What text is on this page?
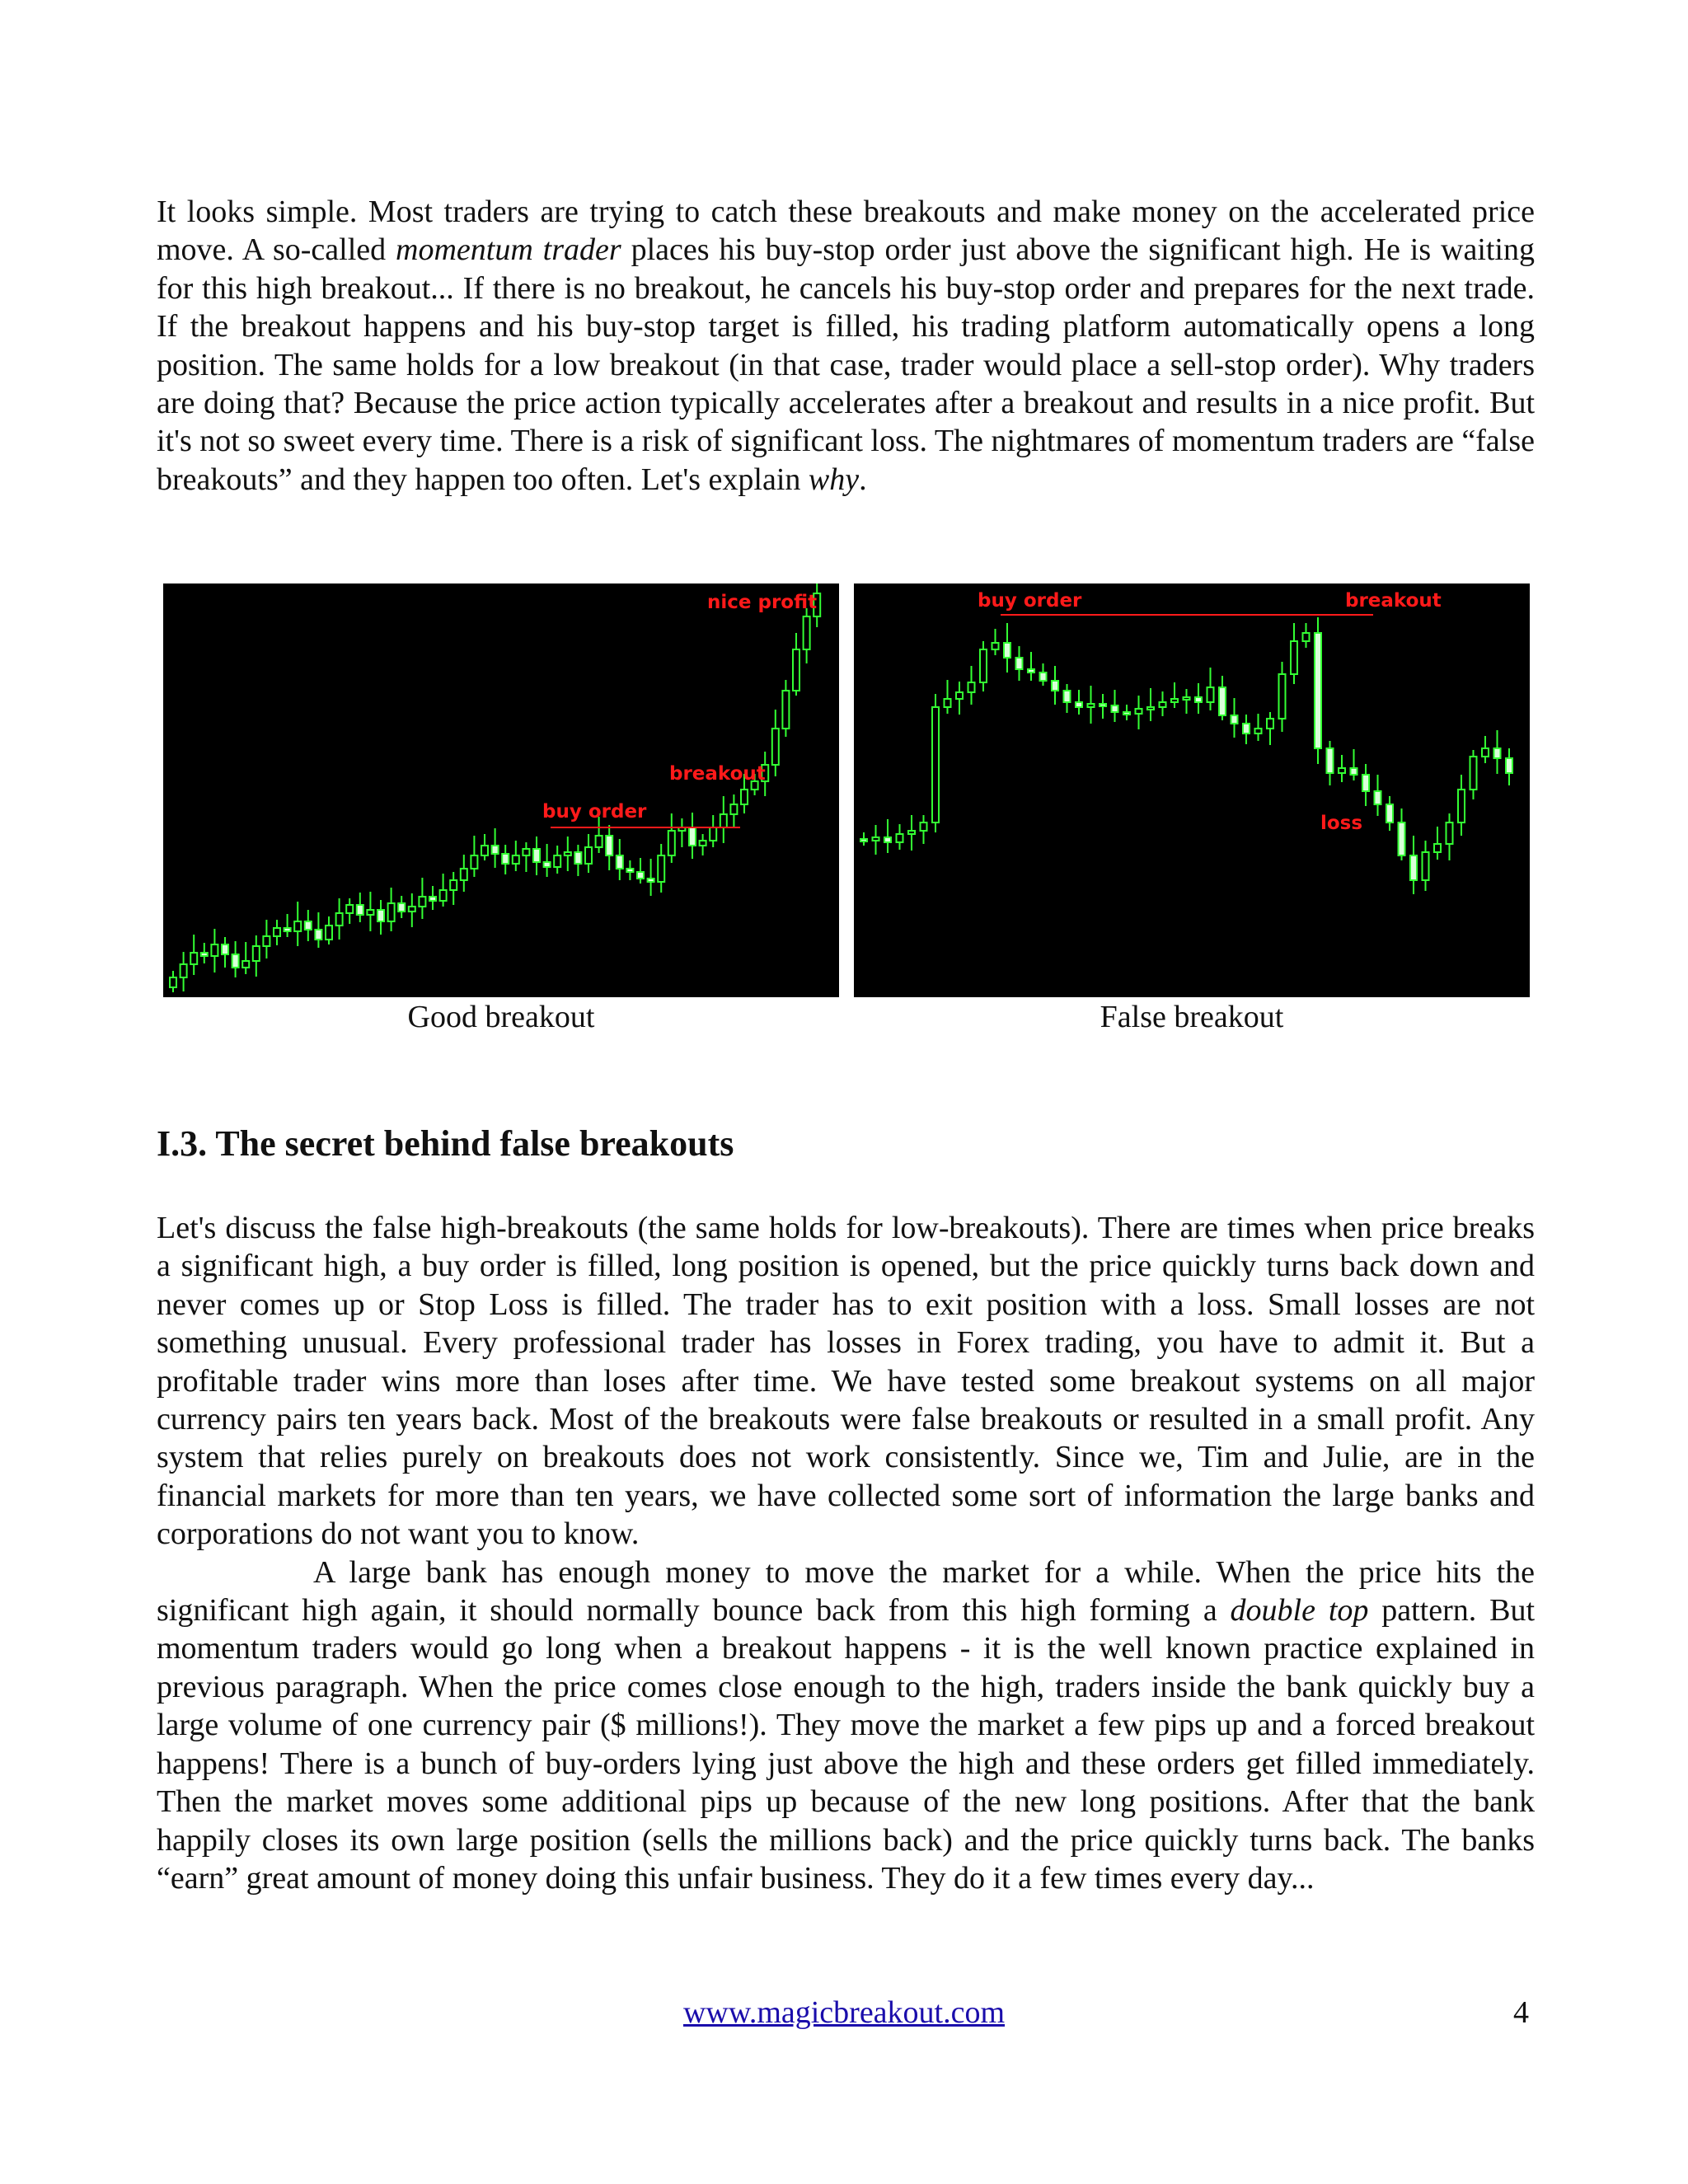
It looks simple. Most traders are trying to catch these breakouts and make money on the accelerated price move. A so-called momentum trader places his buy-stop order just above the significant high. He is waiting for this high breakout... If there is no breakout, he cancels his buy-stop order and prepares for the next trade. If the breakout happens and his buy-stop target is filled, his trading platform automatically opens a long position. The same holds for a low breakout (in that case, trader would place a sell-stop order). Why traders are doing that? Because the price action typically accelerates after a breakout and results in a nice profit. But it's not so sweet every time. There is a risk of significant loss. The nightmares of momentum traders are “false breakouts” and they happen too often. Let's explain why.
buy order
breakout
nice profit	buy order	breakout
loss
Good breakout	False breakout
I.3. The secret behind false breakouts
Let's discuss the false high-breakouts (the same holds for low-breakouts). There are times when price breaks a significant high, a buy order is filled, long position is opened, but the price quickly turns back down and never comes up or Stop Loss is filled. The trader has to exit position with a loss. Small losses are not something unusual. Every professional trader has losses in Forex trading, you have to admit it. But a profitable trader wins more than loses after time. We have tested some breakout systems on all major currency pairs ten years back. Most of the breakouts were false breakouts or resulted in a small profit. Any system that relies purely on breakouts does not work consistently. Since we, Tim and Julie, are in the financial markets for more than ten years, we have collected some sort of information the large banks and corporations do not want you to know.
A large bank has enough money to move the market for a while. When the price hits the significant high again, it should normally bounce back from this high forming a double top pattern. But momentum traders would go long when a breakout happens - it is the well known practice explained in previous paragraph. When the price comes close enough to the high, traders inside the bank quickly buy a large volume of one currency pair ($ millions!). They move the market a few pips up and a forced breakout happens! There is a bunch of buy-orders lying just above the high and these orders get filled immediately. Then the market moves some additional pips up because of the new long positions. After that the bank happily closes its own large position (sells the millions back) and the price quickly turns back. The banks “earn” great amount of money doing this unfair business. They do it a few times every day...
www.magicbreakout.com	4
